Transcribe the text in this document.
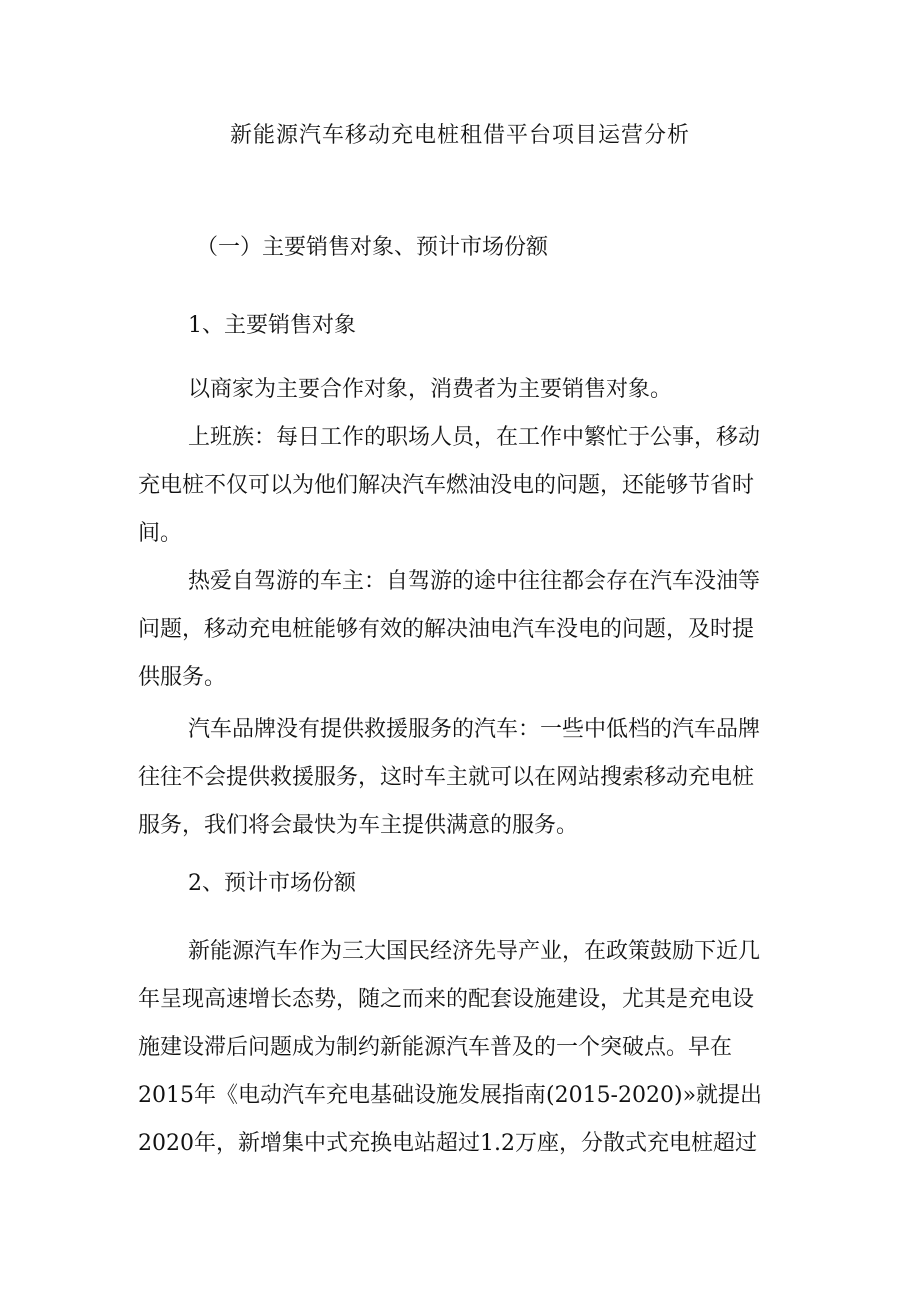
新能源汽车移动充电桩租借平台项目运营分析
（一）主要销售对象、预计市场份额
1、主要销售对象
以商家为主要合作对象，消费者为主要销售对象。
上班族：每日工作的职场人员，在工作中繁忙于公事，移动
充电桩不仅可以为他们解决汽车燃油没电的问题，还能够节省时
间。
热爱自驾游的车主：自驾游的途中往往都会存在汽车没油等
问题，移动充电桩能够有效的解决油电汽车没电的问题，及时提
供服务。
汽车品牌没有提供救援服务的汽车：一些中低档的汽车品牌
往往不会提供救援服务，这时车主就可以在网站搜索移动充电桩
服务，我们将会最快为车主提供满意的服务。
2、预计市场份额
新能源汽车作为三大国民经济先导产业，在政策鼓励下近几
年呈现高速增长态势，随之而来的配套设施建设，尤其是充电设
施建设滞后问题成为制约新能源汽车普及的一个突破点。早在
2015年《电动汽车充电基础设施发展指南(2015-2020)»就提出
2020年，新增集中式充换电站超过1.2万座，分散式充电桩超过
